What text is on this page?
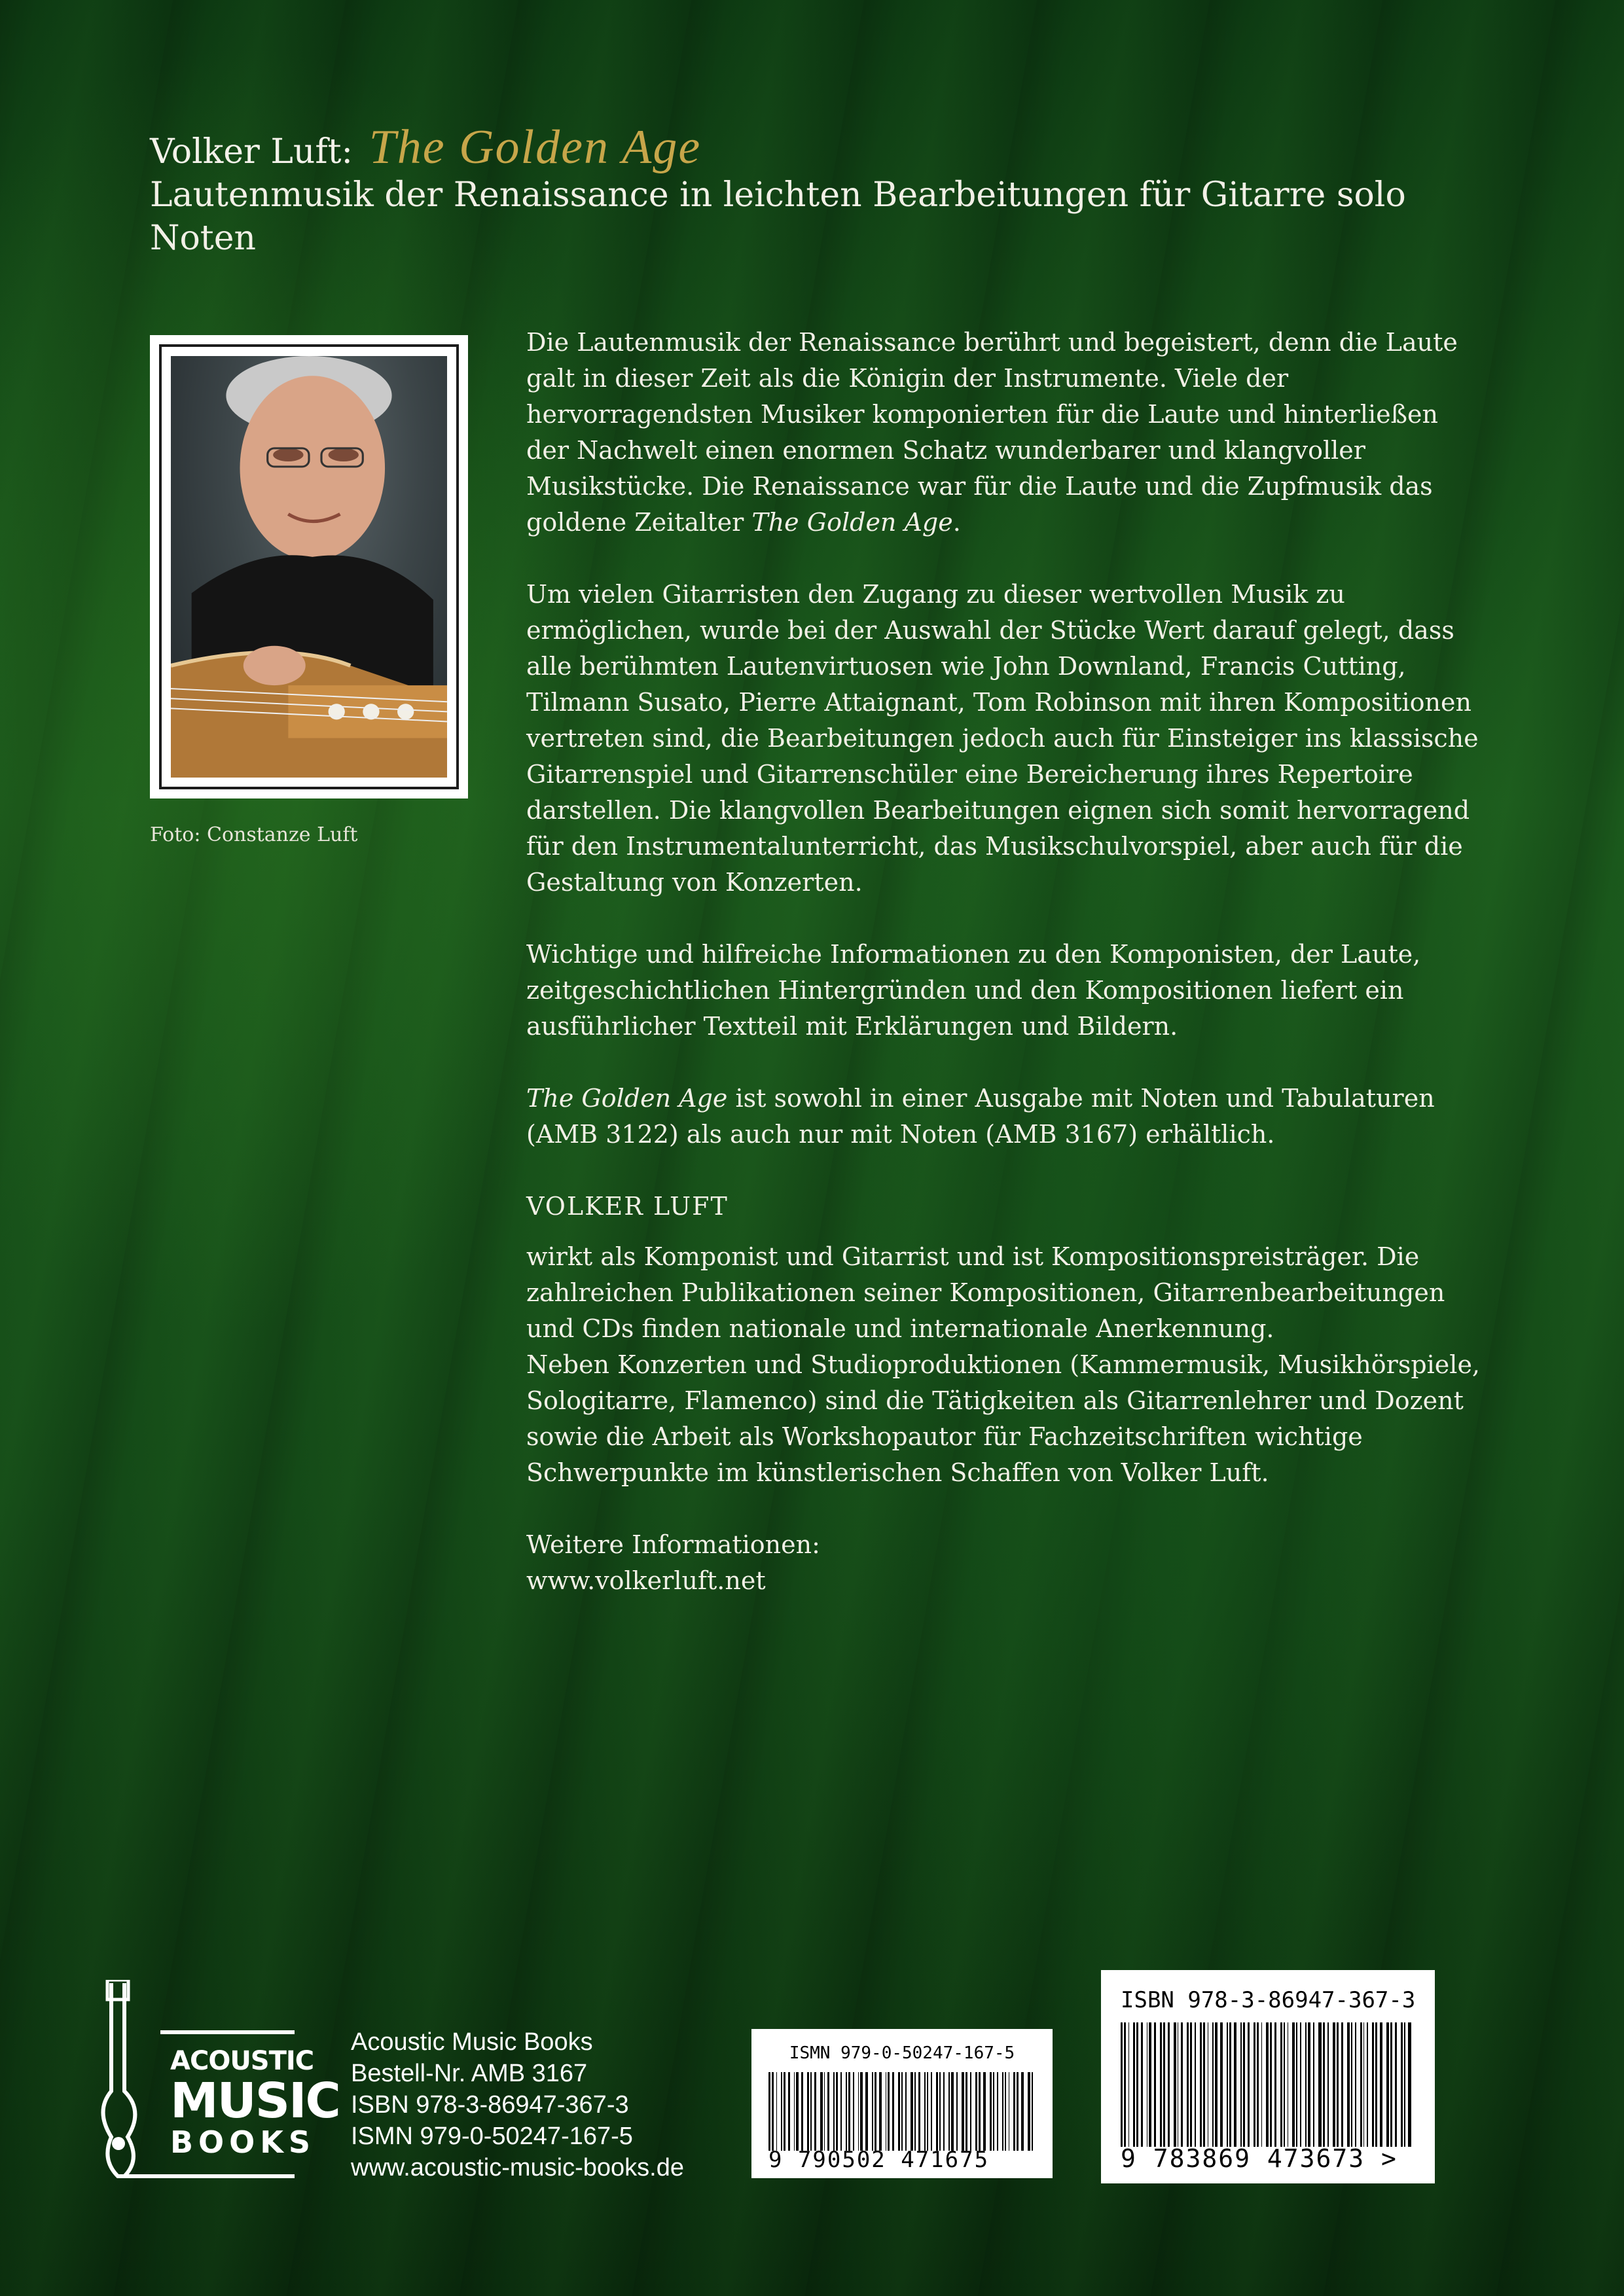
Volker Luft: The Golden Age
Lautenmusik der Renaissance in leichten Bearbeitungen für Gitarre solo
Noten
Foto: Constanze Luft

Die Lautenmusik der Renaissance berührt und begeistert, denn die Laute galt in dieser Zeit als die Königin der Instrumente. Viele der hervorragendsten Musiker komponierten für die Laute und hinterließen der Nachwelt einen enormen Schatz wunderbarer und klangvoller Musikstücke. Die Renaissance war für die Laute und die Zupfmusik das goldene Zeitalter The Golden Age.

Um vielen Gitarristen den Zugang zu dieser wertvollen Musik zu ermöglichen, wurde bei der Auswahl der Stücke Wert darauf gelegt, dass alle berühmten Lautenvirtuosen wie John Downland, Francis Cutting, Tilmann Susato, Pierre Attaignant, Tom Robinson mit ihren Kompositionen vertreten sind, die Bearbeitungen jedoch auch für Einsteiger ins klassische Gitarrenspiel und Gitarrenschüler eine Bereicherung ihres Repertoire darstellen. Die klangvollen Bearbeitungen eignen sich somit hervorragend für den Instrumentalunterricht, das Musikschulvorspiel, aber auch für die Gestaltung von Konzerten.

Wichtige und hilfreiche Informationen zu den Komponisten, der Laute, zeitgeschichtlichen Hintergründen und den Kompositionen liefert ein ausführlicher Textteil mit Erklärungen und Bildern.

The Golden Age ist sowohl in einer Ausgabe mit Noten und Tabulaturen (AMB 3122) als auch nur mit Noten (AMB 3167) erhältlich.

VOLKER LUFT

wirkt als Komponist und Gitarrist und ist Kompositionspreisträger. Die zahlreichen Publikationen seiner Kompositionen, Gitarrenbearbeitungen und CDs finden nationale und internationale Anerkennung.

Neben Konzerten und Studioproduktionen (Kammermusik, Musikhörspiele, Sologitarre, Flamenco) sind die Tätigkeiten als Gitarrenlehrer und Dozent sowie die Arbeit als Workshopautor für Fachzeitschriften wichtige Schwerpunkte im künstlerischen Schaffen von Volker Luft.

Weitere Informationen:
www.volkerluft.net

ACOUSTIC
MUSIC
BOOKS
Acoustic Music Books
Bestell-Nr. AMB 3167
ISBN 978-3-86947-367-3
ISMN 979-0-50247-167-5
www.acoustic-music-books.de
ISMN 979-0-50247-167-5
9 790502 471675
ISBN 978-3-86947-367-3
9 783869 473673 >
